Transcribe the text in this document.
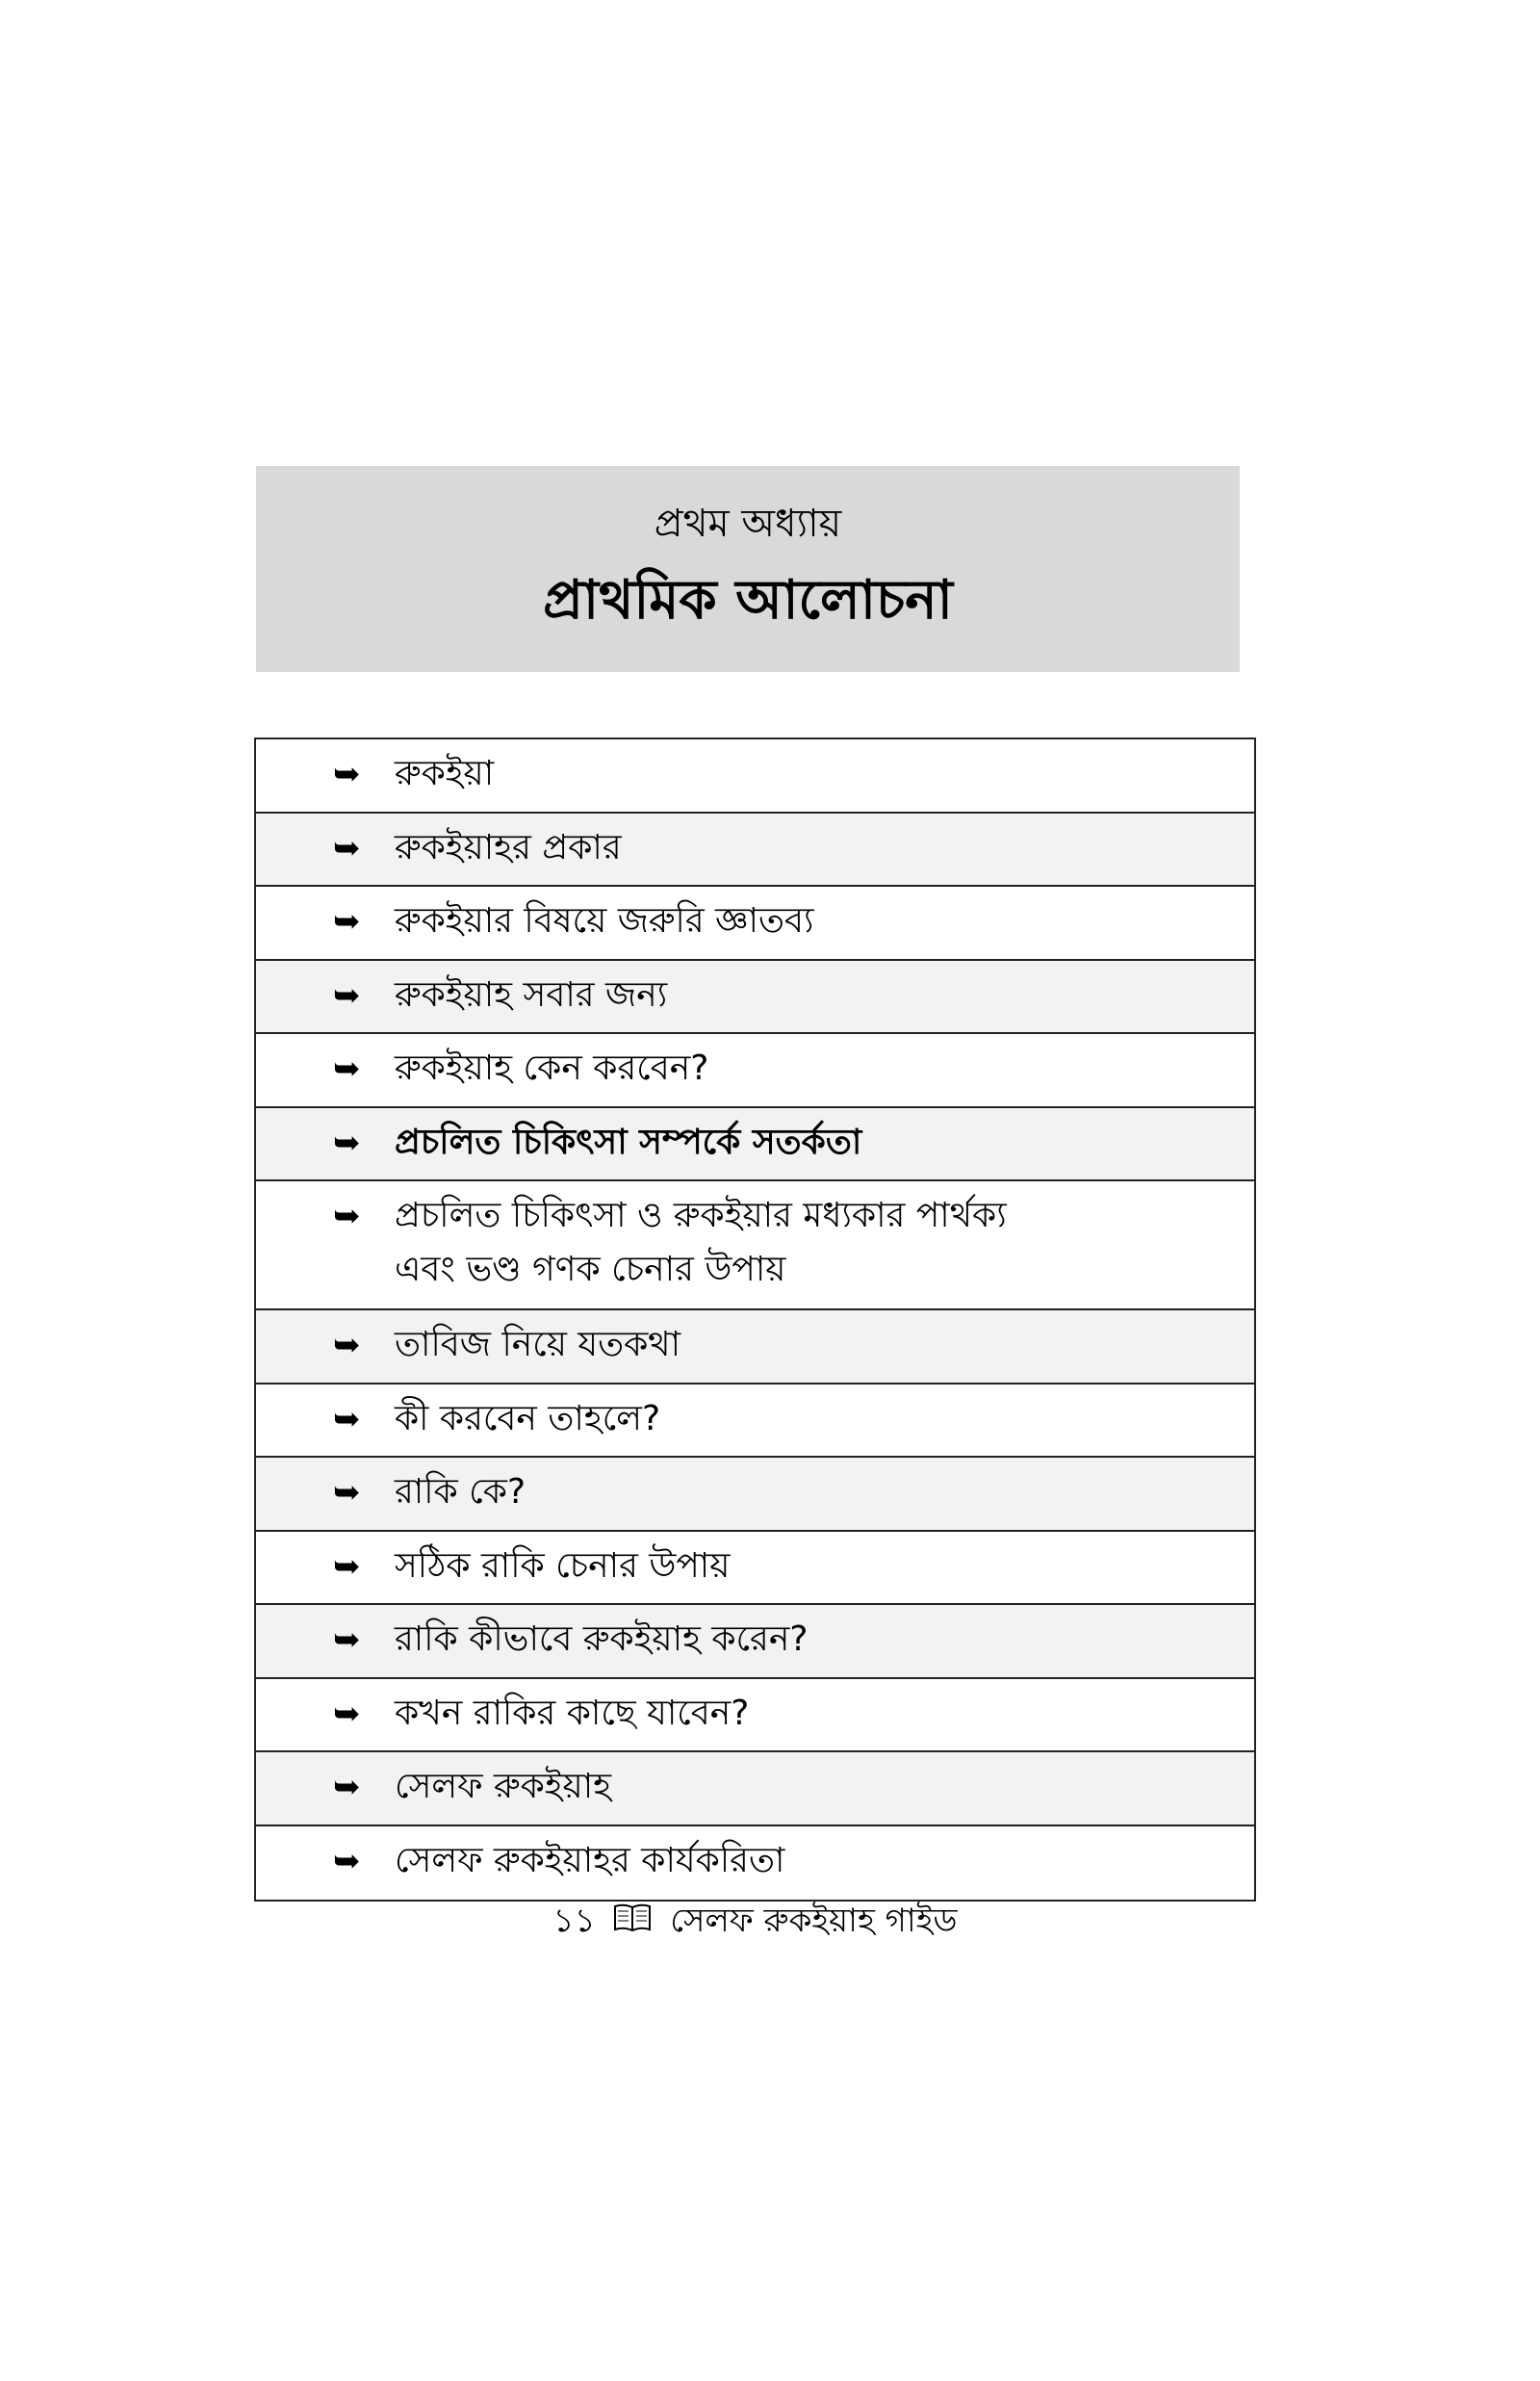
প্রথম অধ্যায়
প্রাথমিক আলোচনা
➥ রুকইয়া
➥ রুকইয়াহর প্রকার
➥ রুকইয়ার বিষয়ে জরুরি জ্ঞাতব্য
➥ রুকইয়াহ সবার জন্য
➥ রুকইয়াহ কেন করবেন?
➥ প্রচলিত চিকিৎসা সম্পর্কে সতর্কতা
➥ প্রচলিত চিকিৎসা ও রুকইয়ার মধ্যকার পার্থক্য
এবং ভণ্ড গণক চেনার উপায়
➥ তাবিজ নিয়ে যতকথা
➥ কী করবেন তাহলে?
➥ রাকি কে?
➥ সঠিক রাকি চেনার উপায়
➥ রাকি কীভাবে রুকইয়াহ করেন?
➥ কখন রাকির কাছে যাবেন?
➥ সেলফ রুকইয়াহ
➥ সেলফ রুকইয়াহর কার্যকরিতা
১১ সেলফ রুকইয়াহ গাইড
